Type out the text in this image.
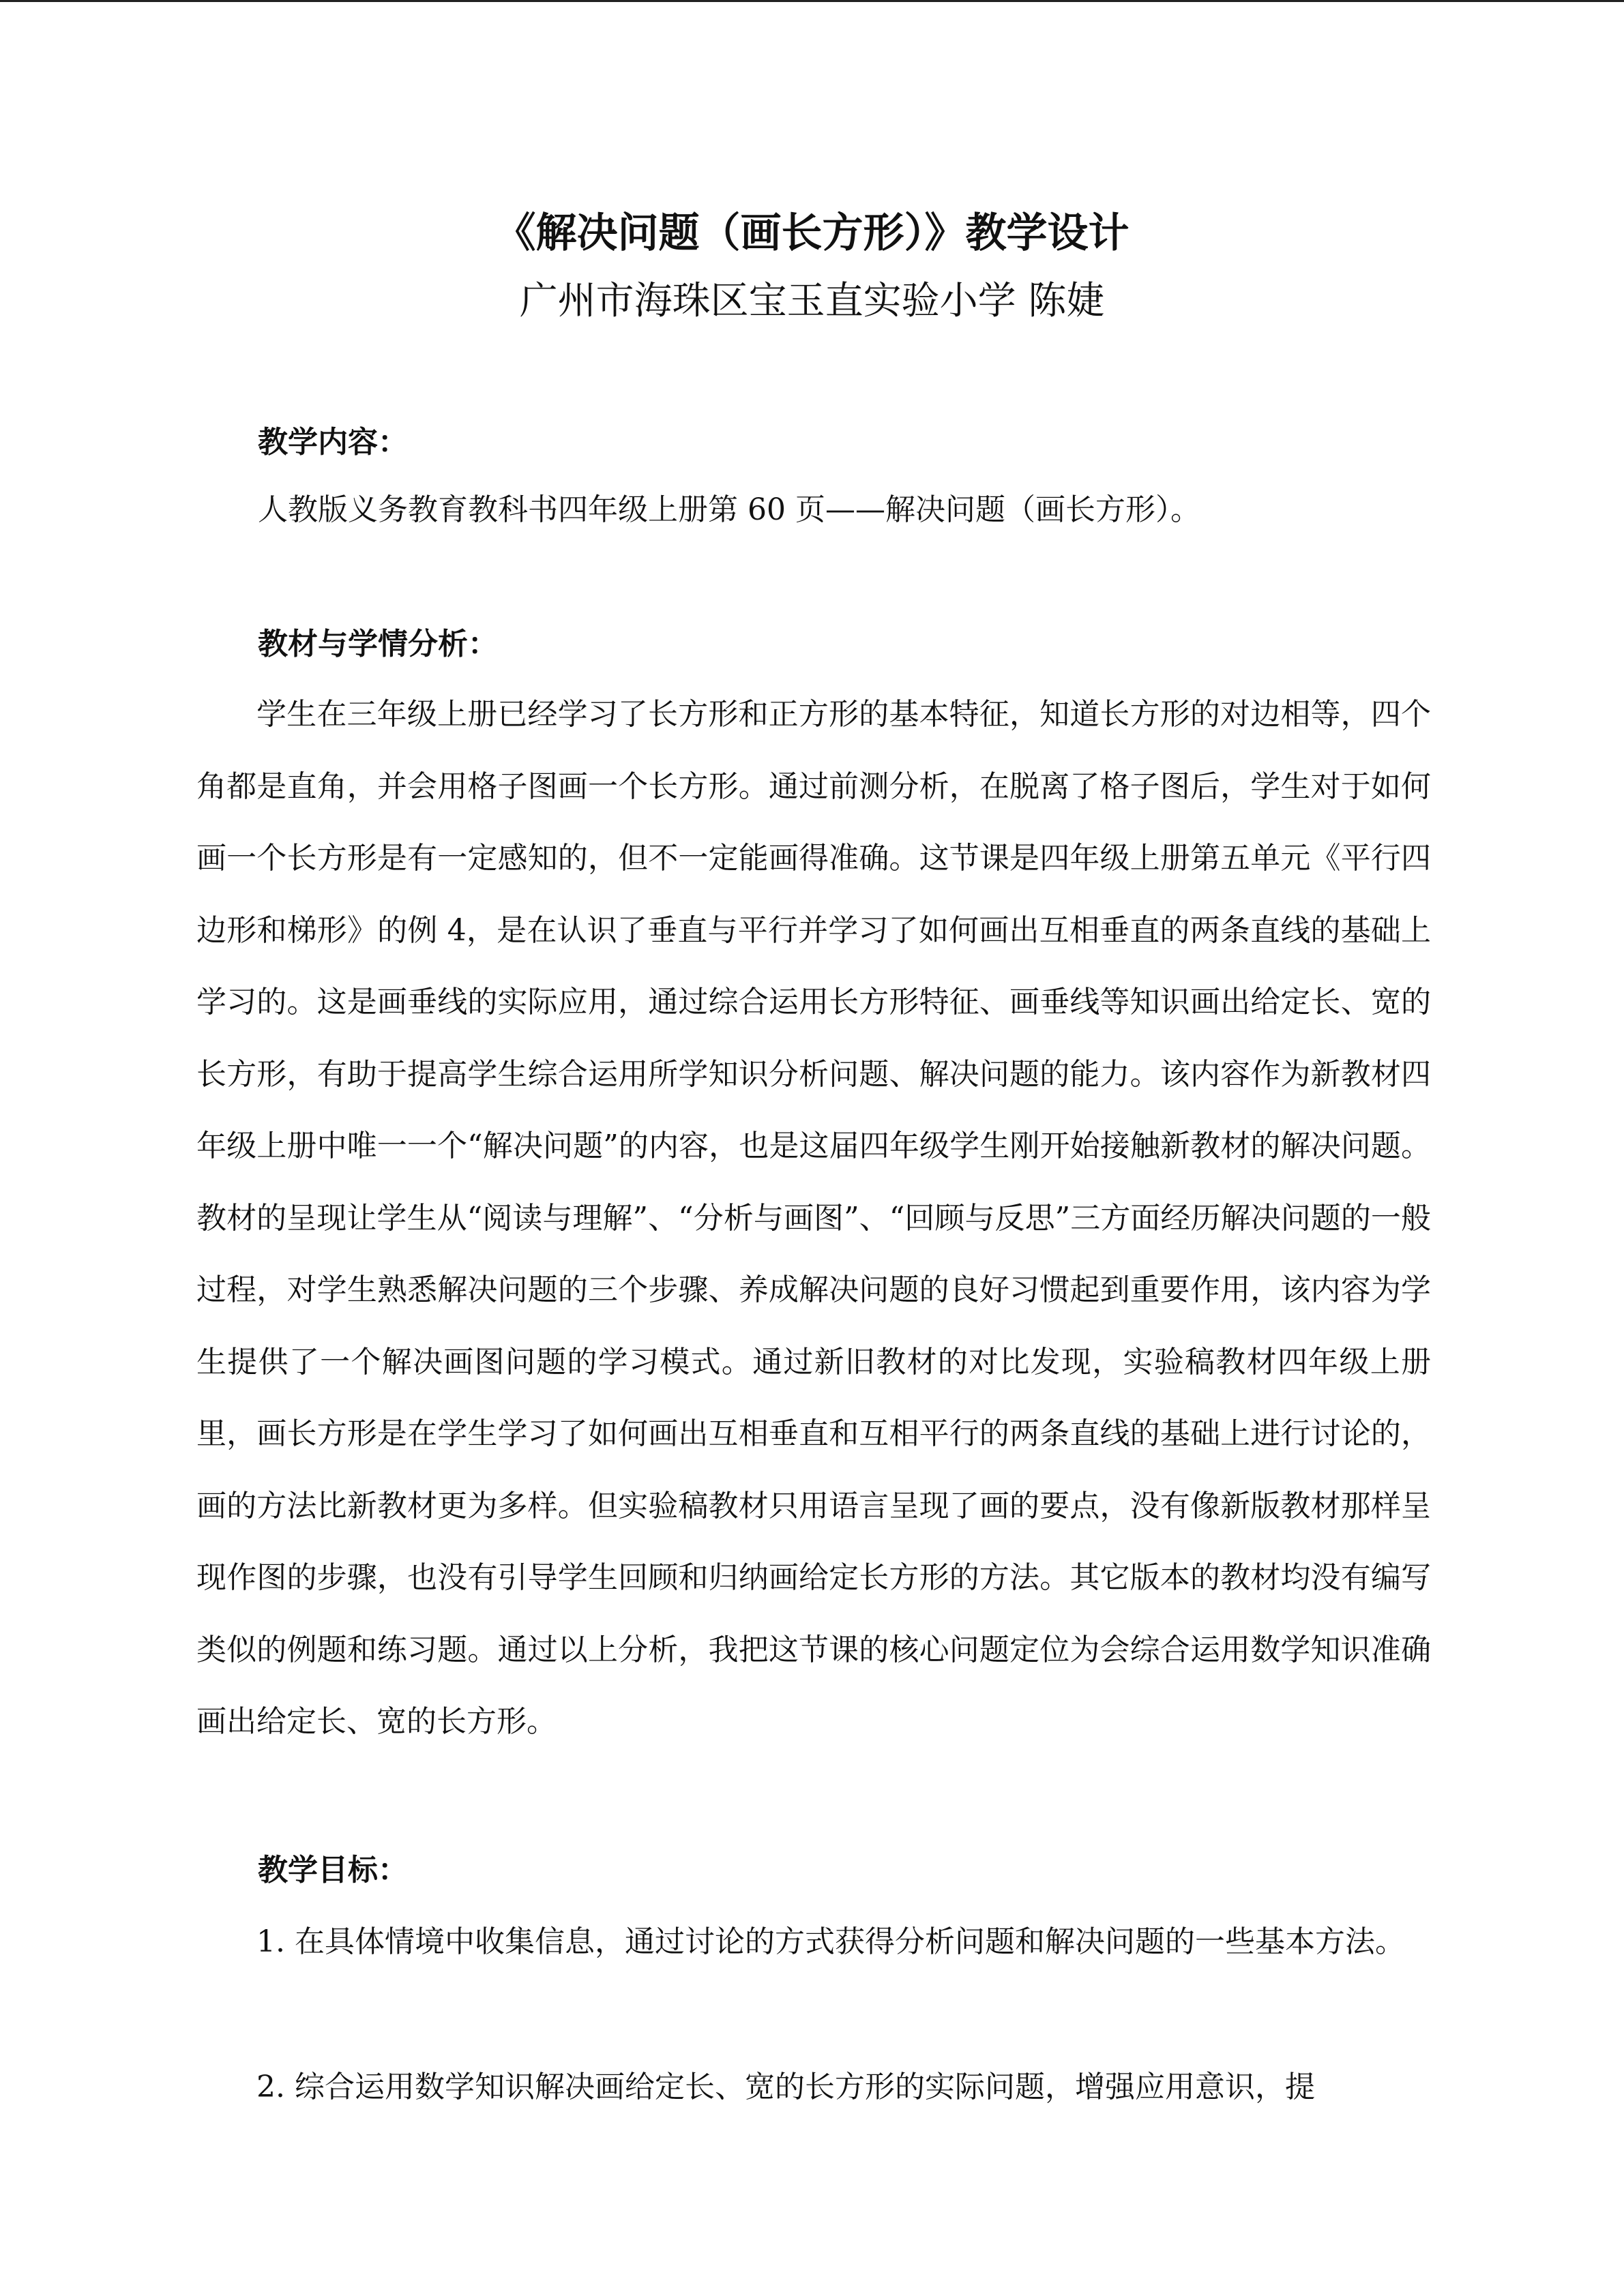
《解决问题（画长方形）》教学设计

广州市海珠区宝玉直实验小学 陈婕

教学内容：

人教版义务教育教科书四年级上册第 60 页——解决问题（画长方形）。

教材与学情分析：

学生在三年级上册已经学习了长方形和正方形的基本特征，知道长方形的对边相等，四个角都是直角，并会用格子图画一个长方形。通过前测分析，在脱离了格子图后，学生对于如何画一个长方形是有一定感知的，但不一定能画得准确。这节课是四年级上册第五单元《平行四边形和梯形》的例 4，是在认识了垂直与平行并学习了如何画出互相垂直的两条直线的基础上学习的。这是画垂线的实际应用，通过综合运用长方形特征、画垂线等知识画出给定长、宽的长方形，有助于提高学生综合运用所学知识分析问题、解决问题的能力。该内容作为新教材四年级上册中唯一一个“解决问题”的内容，也是这届四年级学生刚开始接触新教材的解决问题。教材的呈现让学生从“阅读与理解”、“分析与画图”、“回顾与反思”三方面经历解决问题的一般过程，对学生熟悉解决问题的三个步骤、养成解决问题的良好习惯起到重要作用，该内容为学生提供了一个解决画图问题的学习模式。通过新旧教材的对比发现，实验稿教材四年级上册里，画长方形是在学生学习了如何画出互相垂直和互相平行的两条直线的基础上进行讨论的，画的方法比新教材更为多样。但实验稿教材只用语言呈现了画的要点，没有像新版教材那样呈现作图的步骤，也没有引导学生回顾和归纳画给定长方形的方法。其它版本的教材均没有编写类似的例题和练习题。通过以上分析，我把这节课的核心问题定位为会综合运用数学知识准确画出给定长、宽的长方形。

教学目标：

1. 在具体情境中收集信息，通过讨论的方式获得分析问题和解决问题的一些基本方法。

2. 综合运用数学知识解决画给定长、宽的长方形的实际问题，增强应用意识，提
